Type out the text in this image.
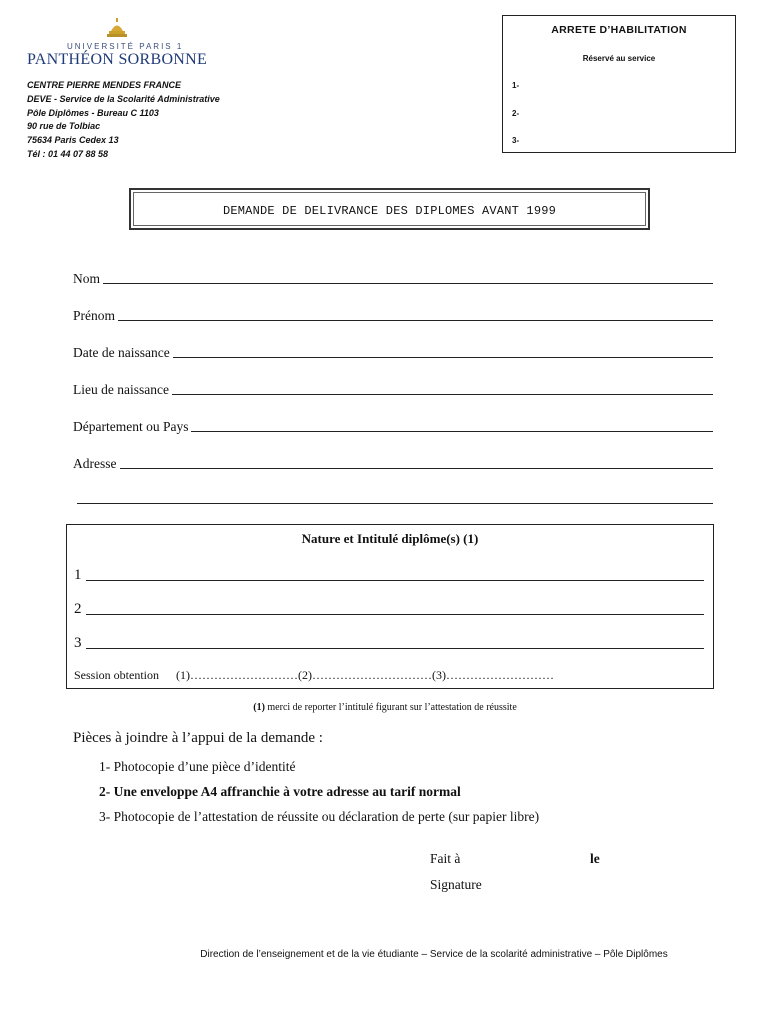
UNIVERSITÉ PARIS 1
PANTHÉON SORBONNE
CENTRE PIERRE MENDES FRANCE
DEVE - Service de la Scolarité Administrative
Pôle Diplômes - Bureau C 1103
90 rue de Tolbiac
75634 Paris Cedex 13
Tél : 01 44 07 88 58
ARRETE D’HABILITATION
Réservé au service
1-
2-
3-
DEMANDE DE DELIVRANCE DES DIPLOMES AVANT 1999
Nom
Prénom
Date de naissance
Lieu de naissance
Département ou Pays
Adresse
Nature et Intitulé diplôme(s) (1)
1
2
3
Session obtention (1)………………………(2)…………………………(3)………………………
(1) merci de reporter l’intitulé figurant sur l’attestation de réussite
Pièces à joindre à l’appui de la demande :
1- Photocopie d’une pièce d’identité
2- Une enveloppe A4 affranchie à votre adresse au tarif normal
3- Photocopie de l’attestation de réussite ou déclaration de perte (sur papier libre)
Fait à	le
Signature
Direction de l’enseignement et de la vie étudiante – Service de la scolarité administrative – Pôle Diplômes
